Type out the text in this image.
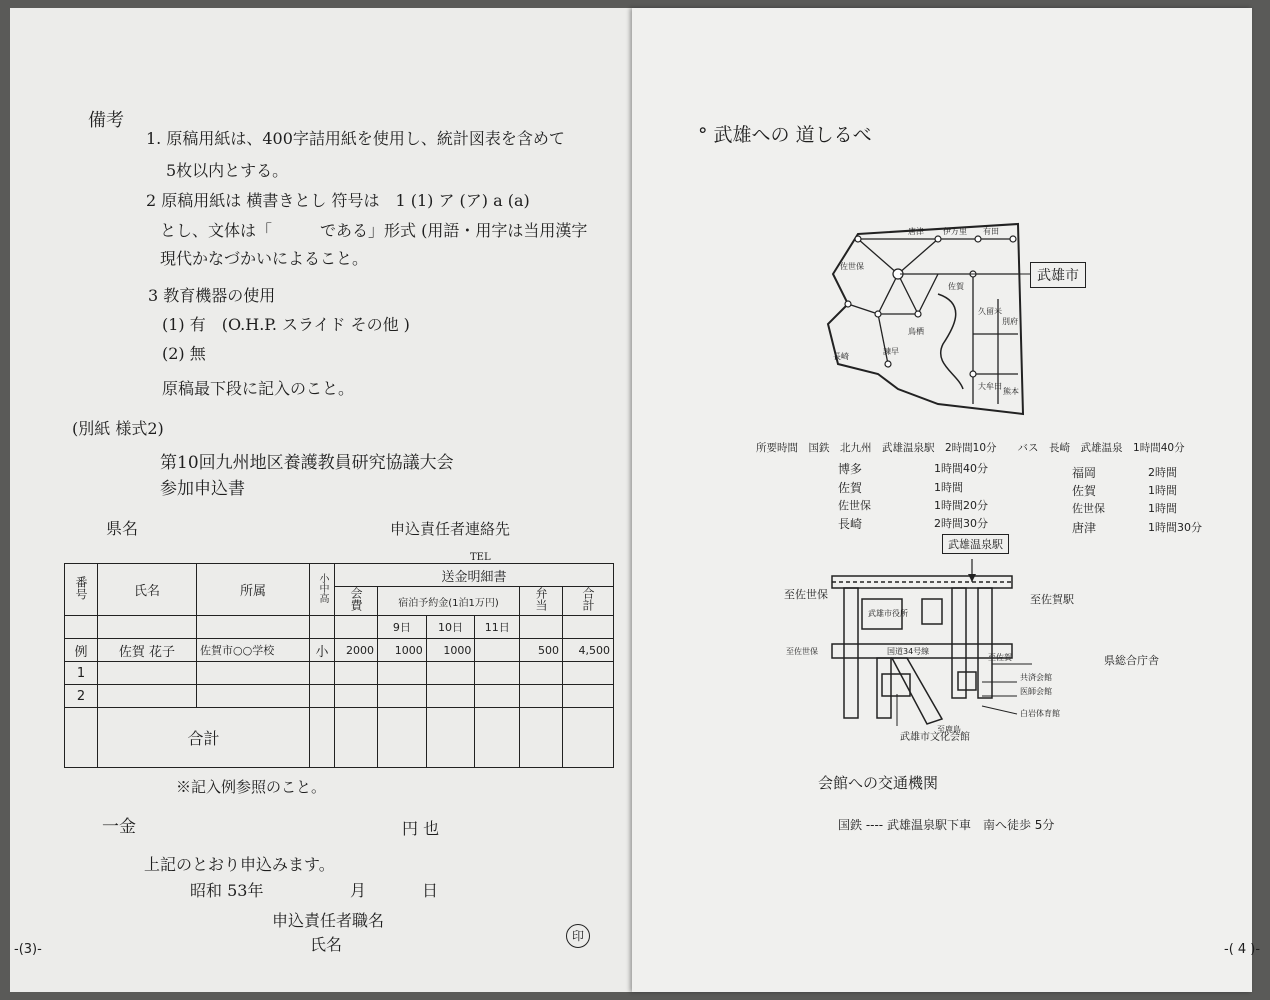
備考
1. 原稿用紙は、400字詰用紙を使用し、統計図表を含めて
5枚以内とする。
2 原稿用紙は 横書きとし 符号は　1 (1) ア (ア) a (a)
とし、文体は「　　　である」形式 (用語・用字は当用漢字
現代かなづかいによること。
3 教育機器の使用
(1) 有　(O.H.P. スライド その他 )
(2) 無
原稿最下段に記入のこと。
(別紙 様式2)
第10回九州地区養護教員研究協議大会
参加申込書
県名	申込責任者連絡先
TEL
番号	氏名	所属	小中高	送金明細書					
				会費	宿泊予約金(1泊1万円)			弁当	合計
					9日	10日	11日		
例	佐賀 花子	佐賀市○○学校	小	2000	1000	1000		500	4,500
1									
2									
	合計								
※記入例参照のこと。
一金	円 也
上記のとおり申込みます。
昭和 53年	月	日
申込責任者職名
氏名	印
-(3)-
° 武雄への 道しるべ
唐津 伊万里 有田
佐世保
佐賀
鳥栖
長崎
諫早
久留米
大牟田
熊本
別府
武雄市
所要時間　国鉄　北九州　武雄温泉駅　2時間10分　　バス　長崎　武雄温泉　1時間40分
博多	1時間40分
佐賀	1時間
佐世保	1時間20分
長崎	2時間30分
福岡	2時間
佐賀	1時間
佐世保	1時間
唐津	1時間30分
武雄温泉駅
国道34号線
武雄市役所
至佐賀
共済会館
医師会館
白岩体育館
至鹿島
至佐世保
至佐世保	至佐賀駅
県総合庁舎
武雄市文化会館
会館への交通機関
国鉄 ---- 武雄温泉駅下車　南へ徒歩 5分
-( 4 )-
